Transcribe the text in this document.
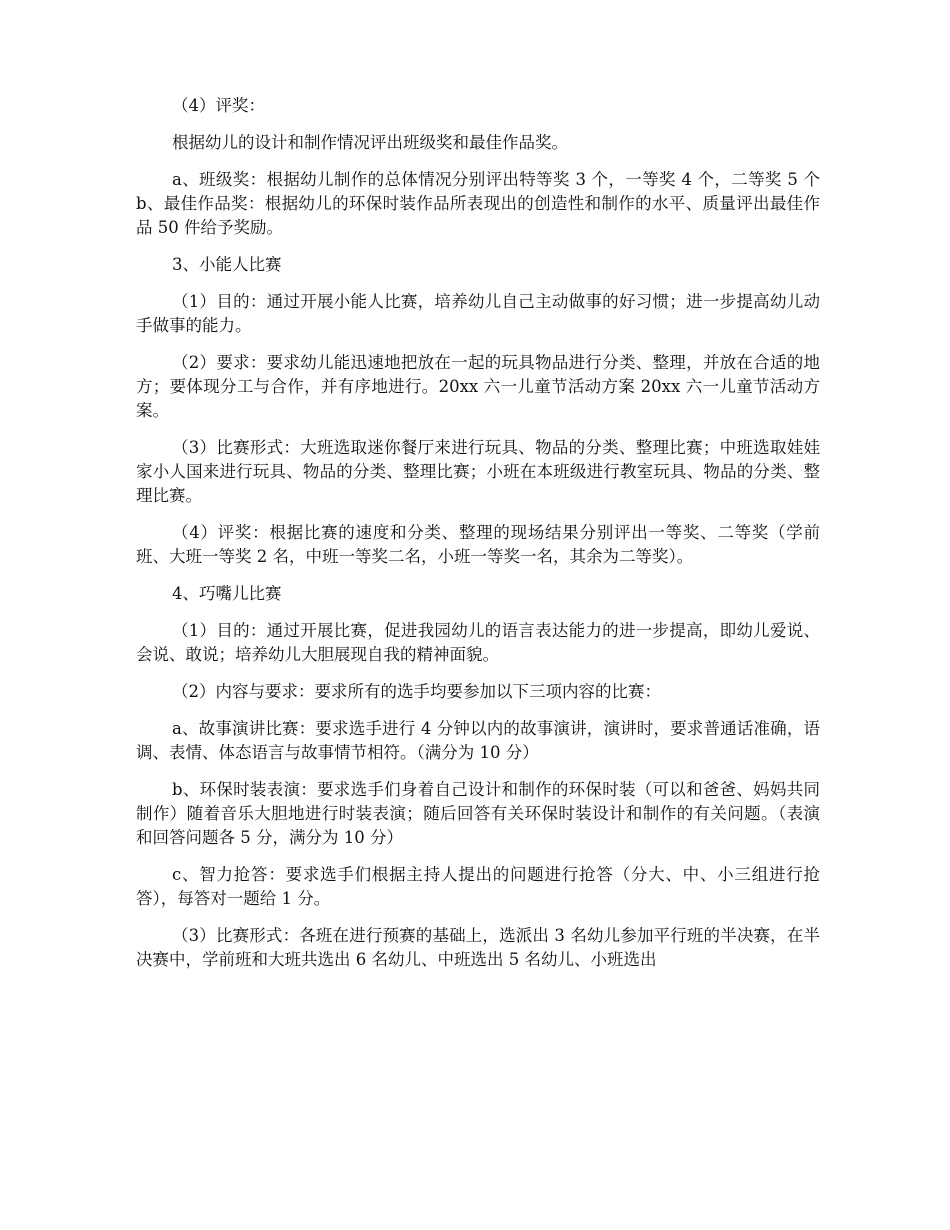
（4）评奖：

根据幼儿的设计和制作情况评出班级奖和最佳作品奖。

a、班级奖：根据幼儿制作的总体情况分别评出特等奖 3 个，一等奖 4 个，二等奖 5 个 b、最佳作品奖：根据幼儿的环保时装作品所表现出的创造性和制作的水平、质量评出最佳作品 50 件给予奖励。

3、小能人比赛

（1）目的：通过开展小能人比赛，培养幼儿自己主动做事的好习惯；进一步提高幼儿动手做事的能力。

（2）要求：要求幼儿能迅速地把放在一起的玩具物品进行分类、整理，并放在合适的地方；要体现分工与合作，并有序地进行。20xx 六一儿童节活动方案 20xx 六一儿童节活动方案。

（3）比赛形式：大班选取迷你餐厅来进行玩具、物品的分类、整理比赛；中班选取娃娃家小人国来进行玩具、物品的分类、整理比赛；小班在本班级进行教室玩具、物品的分类、整理比赛。

（4）评奖：根据比赛的速度和分类、整理的现场结果分别评出一等奖、二等奖（学前班、大班一等奖 2 名，中班一等奖二名，小班一等奖一名，其余为二等奖）。

4、巧嘴儿比赛

（1）目的：通过开展比赛，促进我园幼儿的语言表达能力的进一步提高，即幼儿爱说、会说、敢说；培养幼儿大胆展现自我的精神面貌。

（2）内容与要求：要求所有的选手均要参加以下三项内容的比赛：

a、故事演讲比赛：要求选手进行 4 分钟以内的故事演讲，演讲时，要求普通话准确，语调、表情、体态语言与故事情节相符。（满分为 10 分）

b、环保时装表演：要求选手们身着自己设计和制作的环保时装（可以和爸爸、妈妈共同制作）随着音乐大胆地进行时装表演；随后回答有关环保时装设计和制作的有关问题。（表演和回答问题各 5 分，满分为 10 分）

c、智力抢答：要求选手们根据主持人提出的问题进行抢答（分大、中、小三组进行抢答），每答对一题给 1 分。

（3）比赛形式：各班在进行预赛的基础上，选派出 3 名幼儿参加平行班的半决赛，在半决赛中，学前班和大班共选出 6 名幼儿、中班选出 5 名幼儿、小班选出
